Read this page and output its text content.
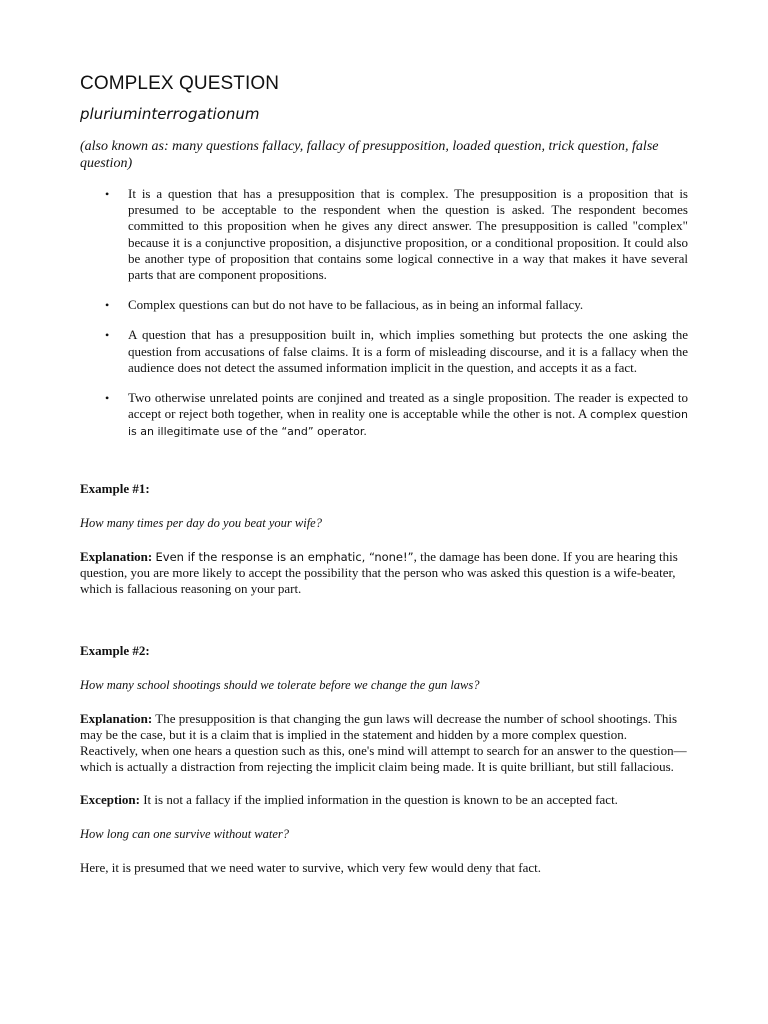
COMPLEX QUESTION

pluriuminterrogationum

(also known as: many questions fallacy, fallacy of presupposition, loaded question, trick question, false question)

• It is a question that has a presupposition that is complex. The presupposition is a proposition that is presumed to be acceptable to the respondent when the question is asked. The respondent becomes committed to this proposition when he gives any direct answer. The presupposition is called "complex" because it is a conjunctive proposition, a disjunctive proposition, or a conditional proposition. It could also be another type of proposition that contains some logical connective in a way that makes it have several parts that are component propositions.
• Complex questions can but do not have to be fallacious, as in being an informal fallacy.
• A question that has a presupposition built in, which implies something but protects the one asking the question from accusations of false claims. It is a form of misleading discourse, and it is a fallacy when the audience does not detect the assumed information implicit in the question, and accepts it as a fact.
• Two otherwise unrelated points are conjined and treated as a single proposition. The reader is expected to accept or reject both together, when in reality one is acceptable while the other is not. A complex question is an illegitimate use of the “and” operator.

Example #1:

How many times per day do you beat your wife?

Explanation: Even if the response is an emphatic, “none!”, the damage has been done. If you are hearing this question, you are more likely to accept the possibility that the person who was asked this question is a wife-beater, which is fallacious reasoning on your part.

Example #2:

How many school shootings should we tolerate before we change the gun laws?

Explanation: The presupposition is that changing the gun laws will decrease the number of school shootings. This may be the case, but it is a claim that is implied in the statement and hidden by a more complex question. Reactively, when one hears a question such as this, one's mind will attempt to search for an answer to the question—which is actually a distraction from rejecting the implicit claim being made. It is quite brilliant, but still fallacious.

Exception: It is not a fallacy if the implied information in the question is known to be an accepted fact.

How long can one survive without water?

Here, it is presumed that we need water to survive, which very few would deny that fact.
